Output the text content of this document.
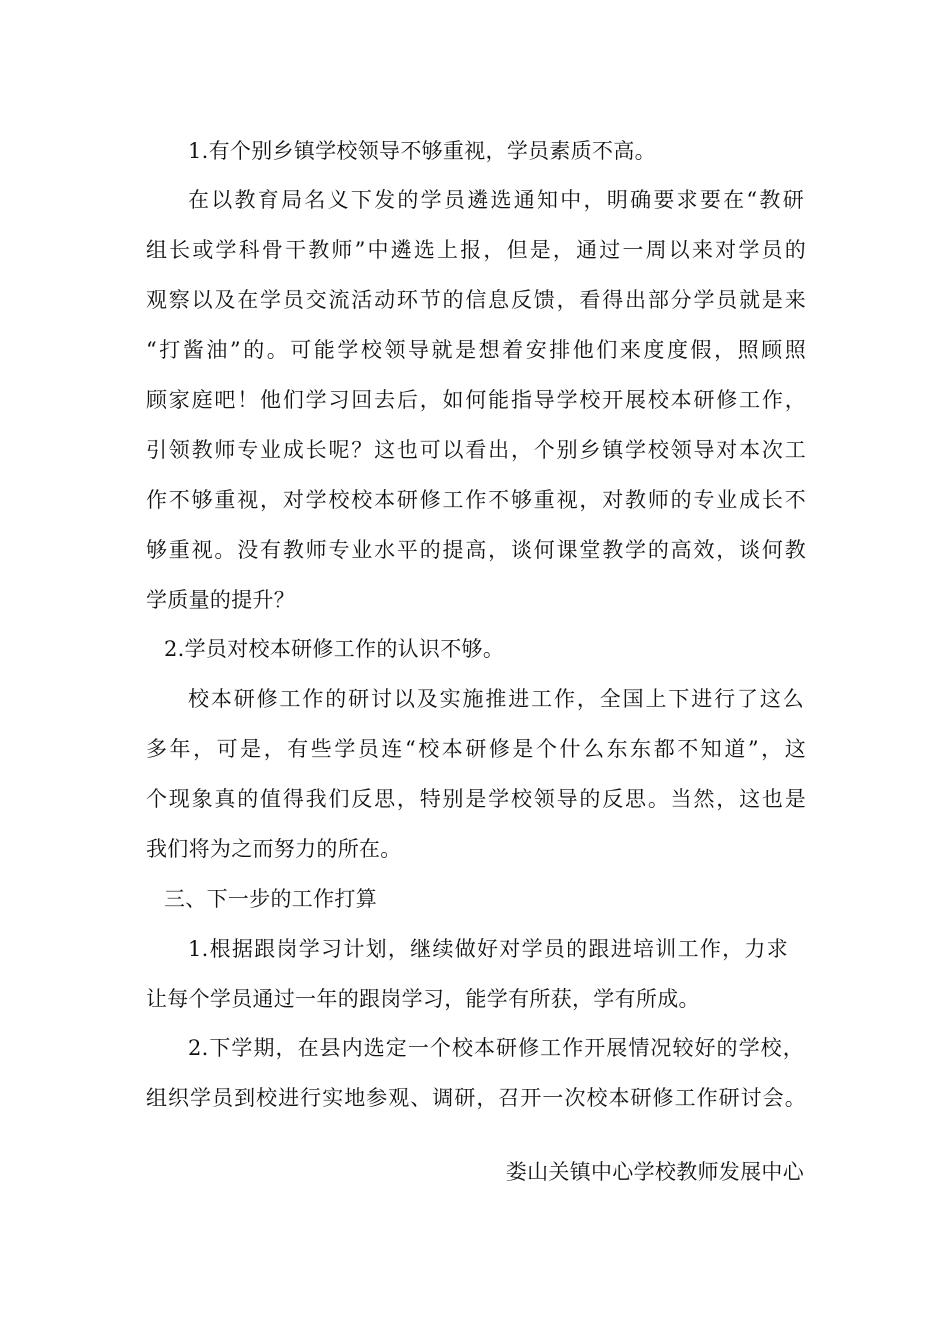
1.有个别乡镇学校领导不够重视，学员素质不高。
在以教育局名义下发的学员遴选通知中，明确要求要在“教研
组长或学科骨干教师”中遴选上报，但是，通过一周以来对学员的
观察以及在学员交流活动环节的信息反馈，看得出部分学员就是来
“打酱油”的。可能学校领导就是想着安排他们来度度假，照顾照
顾家庭吧！他们学习回去后，如何能指导学校开展校本研修工作，
引领教师专业成长呢？这也可以看出，个别乡镇学校领导对本次工
作不够重视，对学校校本研修工作不够重视，对教师的专业成长不
够重视。没有教师专业水平的提高，谈何课堂教学的高效，谈何教
学质量的提升？
2.学员对校本研修工作的认识不够。
校本研修工作的研讨以及实施推进工作，全国上下进行了这么
多年，可是，有些学员连“校本研修是个什么东东都不知道”，这
个现象真的值得我们反思，特别是学校领导的反思。当然，这也是
我们将为之而努力的所在。
三、下一步的工作打算
1.根据跟岗学习计划，继续做好对学员的跟进培训工作，力求
让每个学员通过一年的跟岗学习，能学有所获，学有所成。
2.下学期，在县内选定一个校本研修工作开展情况较好的学校，
组织学员到校进行实地参观、调研，召开一次校本研修工作研讨会。
娄山关镇中心学校教师发展中心
